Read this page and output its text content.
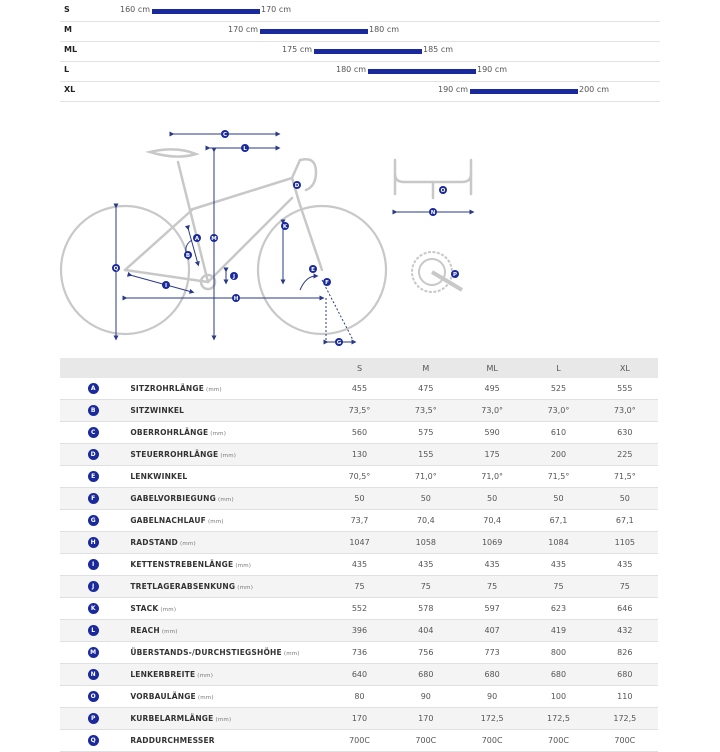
S	160 cm	170 cm
M	170 cm	180 cm
ML	175 cm	185 cm
L	180 cm	190 cm
XL	190 cm	200 cm
C
L
A
B
M
D
K
E
F
G
H
I
J
Q
N
O
P
		S	M	ML	L	XL
A	SITZROHRLÄNGE (mm)	455	475	495	525	555
B	SITZWINKEL	73,5°	73,5°	73,0°	73,0°	73,0°
C	OBERROHRLÄNGE (mm)	560	575	590	610	630
D	STEUERROHRLÄNGE (mm)	130	155	175	200	225
E	LENKWINKEL	70,5°	71,0°	71,0°	71,5°	71,5°
F	GABELVORBIEGUNG (mm)	50	50	50	50	50
G	GABELNACHLAUF (mm)	73,7	70,4	70,4	67,1	67,1
H	RADSTAND (mm)	1047	1058	1069	1084	1105
I	KETTENSTREBENLÄNGE (mm)	435	435	435	435	435
J	TRETLAGERABSENKUNG (mm)	75	75	75	75	75
K	STACK (mm)	552	578	597	623	646
L	REACH (mm)	396	404	407	419	432
M	ÜBERSTANDS-/DURCHSTIEGSHÖHE (mm)	736	756	773	800	826
N	LENKERBREITE (mm)	640	680	680	680	680
O	VORBAULÄNGE (mm)	80	90	90	100	110
P	KURBELARMLÄNGE (mm)	170	170	172,5	172,5	172,5
Q	RADDURCHMESSER	700C	700C	700C	700C	700C
